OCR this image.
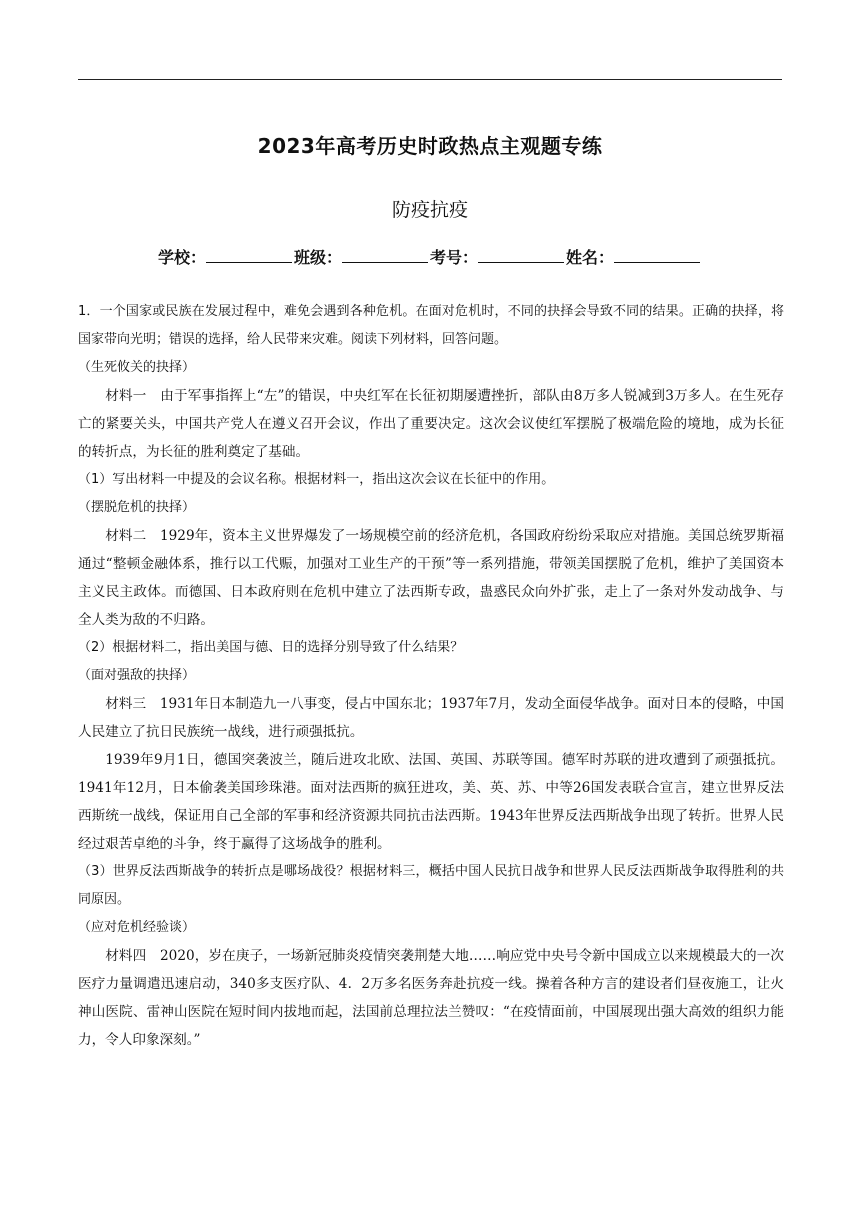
2023年高考历史时政热点主观题专练
防疫抗疫
学校：	班级：	考号：	姓名：

1．一个国家或民族在发展过程中，难免会遇到各种危机。在面对危机时，不同的抉择会导致不同的结果。正确的抉择，将国家带向光明；错误的选择，给人民带来灾难。阅读下列材料，回答问题。

（生死攸关的抉择）

材料一　由于军事指挥上“左”的错误，中央红军在长征初期屡遭挫折，部队由8万多人锐减到3万多人。在生死存亡的紧要关头，中国共产党人在遵义召开会议，作出了重要决定。这次会议使红军摆脱了极端危险的境地，成为长征的转折点，为长征的胜利奠定了基础。

（1）写出材料一中提及的会议名称。根据材料一，指出这次会议在长征中的作用。

（摆脱危机的抉择）

材料二　1929年，资本主义世界爆发了一场规模空前的经济危机，各国政府纷纷采取应对措施。美国总统罗斯福通过“整顿金融体系，推行以工代赈，加强对工业生产的干预”等一系列措施，带领美国摆脱了危机，维护了美国资本主义民主政体。而德国、日本政府则在危机中建立了法西斯专政，蛊惑民众向外扩张，走上了一条对外发动战争、与全人类为敌的不归路。

（2）根据材料二，指出美国与德、日的选择分别导致了什么结果？

（面对强敌的抉择）

材料三　1931年日本制造九一八事变，侵占中国东北；1937年7月，发动全面侵华战争。面对日本的侵略，中国人民建立了抗日民族统一战线，进行顽强抵抗。

1939年9月1日，德国突袭波兰，随后进攻北欧、法国、英国、苏联等国。德军时苏联的进攻遭到了顽强抵抗。1941年12月，日本偷袭美国珍珠港。面对法西斯的疯狂进攻，美、英、苏、中等26国发表联合宣言，建立世界反法西斯统一战线，保证用自己全部的军事和经济资源共同抗击法西斯。1943年世界反法西斯战争出现了转折。世界人民经过艰苦卓绝的斗争，终于赢得了这场战争的胜利。

（3）世界反法西斯战争的转折点是哪场战役？根据材料三，概括中国人民抗日战争和世界人民反法西斯战争取得胜利的共同原因。

（应对危机经验谈）

材料四　2020，岁在庚子，一场新冠肺炎疫情突袭荆楚大地……响应党中央号令新中国成立以来规模最大的一次医疗力量调遣迅速启动，340多支医疗队、4．2万多名医务奔赴抗疫一线。操着各种方言的建设者们昼夜施工，让火神山医院、雷神山医院在短时间内拔地而起，法国前总理拉法兰赞叹：“在疫情面前，中国展现出强大高效的组织力能力，令人印象深刻。”
